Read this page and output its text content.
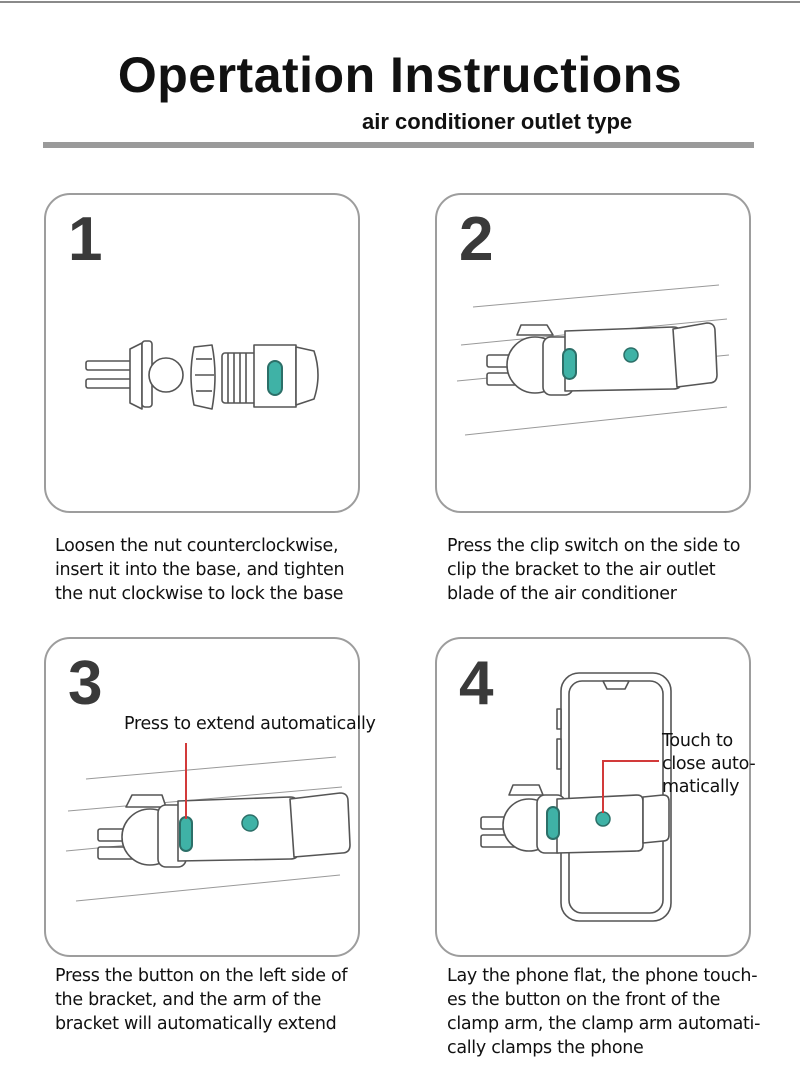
Opertation Instructions
air conditioner outlet type
1
Loosen the nut counterclockwise,
insert it into the base, and tighten
the nut clockwise to lock the base
2
Press the clip switch on the side to
clip the bracket to the air outlet
blade of the air conditioner
3
Press to extend automatically
Press the button on the left side of
the bracket, and the arm of the
bracket will automatically extend
4
Touch to
close auto-
matically
Lay the phone flat, the phone touch-
es the button on the front of the
clamp arm, the clamp arm automati-
cally clamps the phone
